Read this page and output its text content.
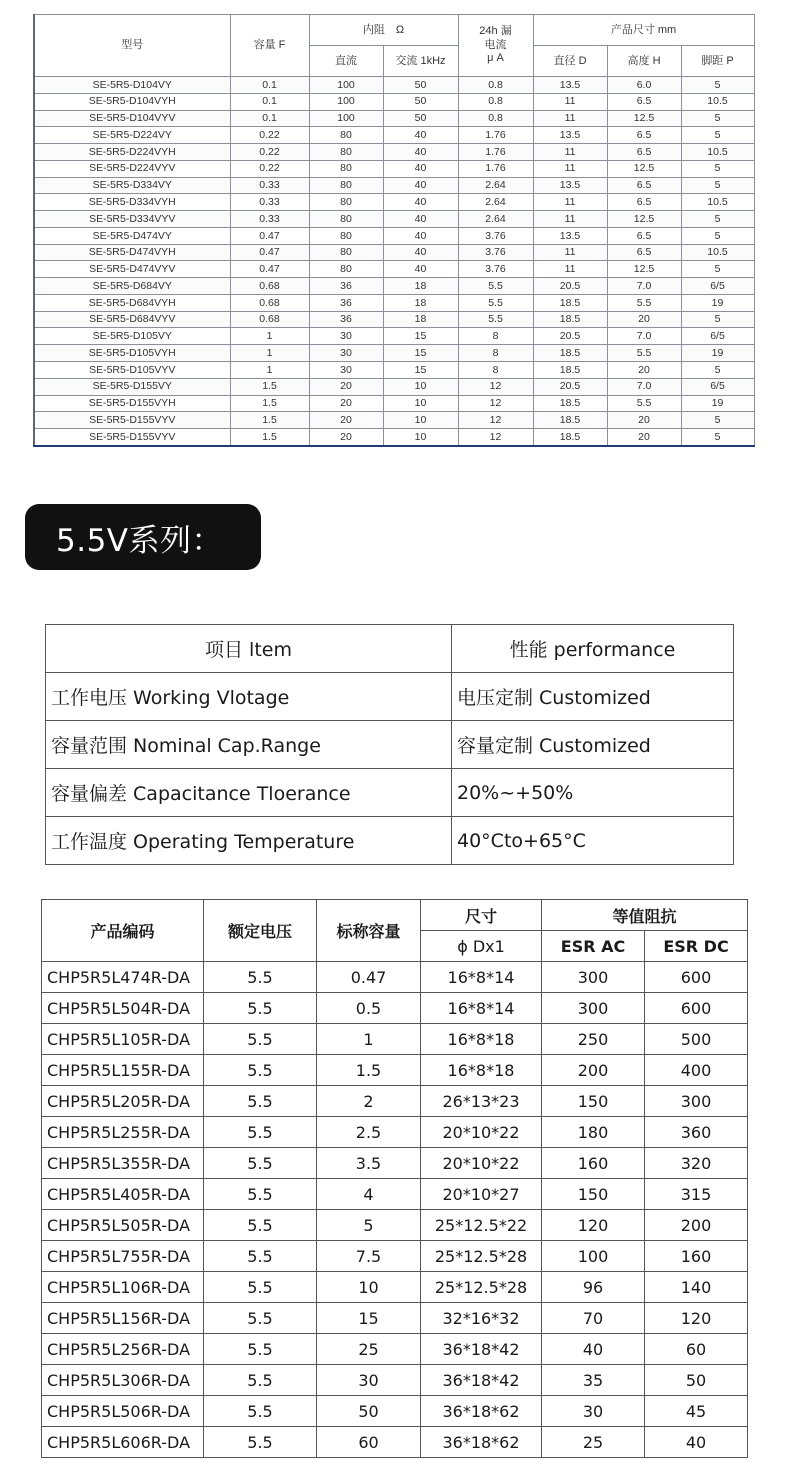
型号	容量 F	内阻　Ω		24h 漏
电流
μ A	产品尺寸 mm		
		直流	交流 1kHz		直径 D	高度 H	脚距 P
SE-5R5-D104VY	0.1	100	50	0.8	13.5	6.0	5
SE-5R5-D104VYH	0.1	100	50	0.8	11	6.5	10.5
SE-5R5-D104VYV	0.1	100	50	0.8	11	12.5	5
SE-5R5-D224VY	0.22	80	40	1.76	13.5	6.5	5
SE-5R5-D224VYH	0.22	80	40	1.76	11	6.5	10.5
SE-5R5-D224VYV	0.22	80	40	1.76	11	12.5	5
SE-5R5-D334VY	0.33	80	40	2.64	13.5	6.5	5
SE-5R5-D334VYH	0.33	80	40	2.64	11	6.5	10.5
SE-5R5-D334VYV	0.33	80	40	2.64	11	12.5	5
SE-5R5-D474VY	0.47	80	40	3.76	13.5	6.5	5
SE-5R5-D474VYH	0.47	80	40	3.76	11	6.5	10.5
SE-5R5-D474VYV	0.47	80	40	3.76	11	12.5	5
SE-5R5-D684VY	0.68	36	18	5.5	20.5	7.0	6/5
SE-5R5-D684VYH	0.68	36	18	5.5	18.5	5.5	19
SE-5R5-D684VYV	0.68	36	18	5.5	18.5	20	5
SE-5R5-D105VY	1	30	15	8	20.5	7.0	6/5
SE-5R5-D105VYH	1	30	15	8	18.5	5.5	19
SE-5R5-D105VYV	1	30	15	8	18.5	20	5
SE-5R5-D155VY	1.5	20	10	12	20.5	7.0	6/5
SE-5R5-D155VYH	1.5	20	10	12	18.5	5.5	19
SE-5R5-D155VYV	1.5	20	10	12	18.5	20	5
SE-5R5-D155VYV	1.5	20	10	12	18.5	20	5
5.5V系列：
项目 ltem	性能 performance
工作电压 Working Vlotage	电压定制 Customized
容量范围 Nominal Cap.Range	容量定制 Customized
容量偏差 Capacitance Tloerance	20%~+50%
工作温度 Operating Temperature	40°Cto+65°C
产品编码	额定电压	标称容量	尺寸	等值阻抗	
			ϕ Dx1	ESR AC	ESR DC
CHP5R5L474R-DA	5.5	0.47	16*8*14	300	600
CHP5R5L504R-DA	5.5	0.5	16*8*14	300	600
CHP5R5L105R-DA	5.5	1	16*8*18	250	500
CHP5R5L155R-DA	5.5	1.5	16*8*18	200	400
CHP5R5L205R-DA	5.5	2	26*13*23	150	300
CHP5R5L255R-DA	5.5	2.5	20*10*22	180	360
CHP5R5L355R-DA	5.5	3.5	20*10*22	160	320
CHP5R5L405R-DA	5.5	4	20*10*27	150	315
CHP5R5L505R-DA	5.5	5	25*12.5*22	120	200
CHP5R5L755R-DA	5.5	7.5	25*12.5*28	100	160
CHP5R5L106R-DA	5.5	10	25*12.5*28	96	140
CHP5R5L156R-DA	5.5	15	32*16*32	70	120
CHP5R5L256R-DA	5.5	25	36*18*42	40	60
CHP5R5L306R-DA	5.5	30	36*18*42	35	50
CHP5R5L506R-DA	5.5	50	36*18*62	30	45
CHP5R5L606R-DA	5.5	60	36*18*62	25	40
